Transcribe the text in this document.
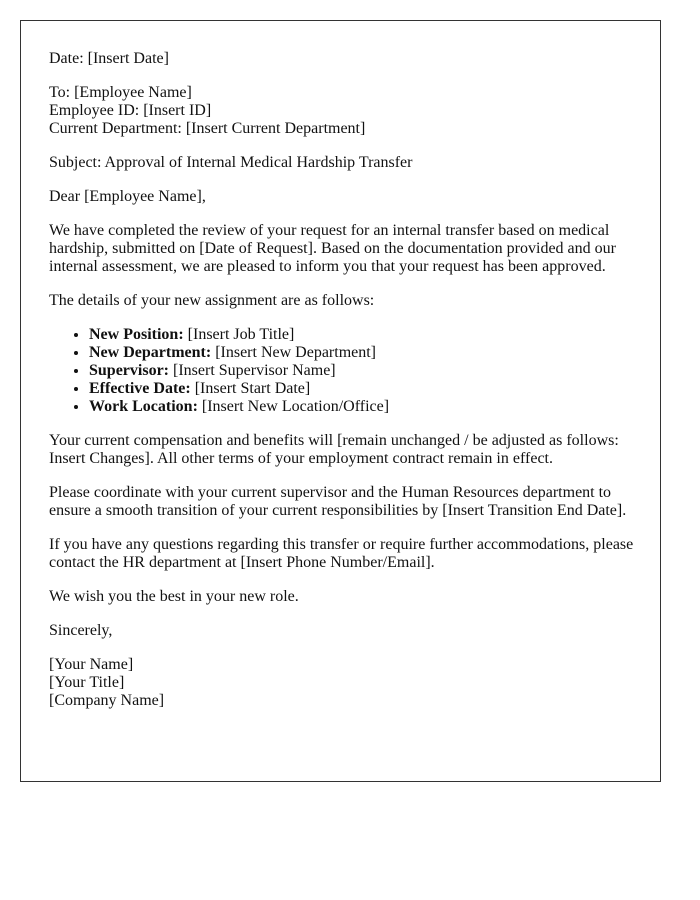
Date: [Insert Date]

To: [Employee Name]
Employee ID: [Insert ID]
Current Department: [Insert Current Department]

Subject: Approval of Internal Medical Hardship Transfer

Dear [Employee Name],

We have completed the review of your request for an internal transfer based on medical hardship, submitted on [Date of Request]. Based on the documentation provided and our internal assessment, we are pleased to inform you that your request has been approved.

The details of your new assignment are as follows:

• New Position: [Insert Job Title]
• New Department: [Insert New Department]
• Supervisor: [Insert Supervisor Name]
• Effective Date: [Insert Start Date]
• Work Location: [Insert New Location/Office]

Your current compensation and benefits will [remain unchanged / be adjusted as follows: Insert Changes]. All other terms of your employment contract remain in effect.

Please coordinate with your current supervisor and the Human Resources department to ensure a smooth transition of your current responsibilities by [Insert Transition End Date].

If you have any questions regarding this transfer or require further accommodations, please contact the HR department at [Insert Phone Number/Email].

We wish you the best in your new role.

Sincerely,

[Your Name]
[Your Title]
[Company Name]
